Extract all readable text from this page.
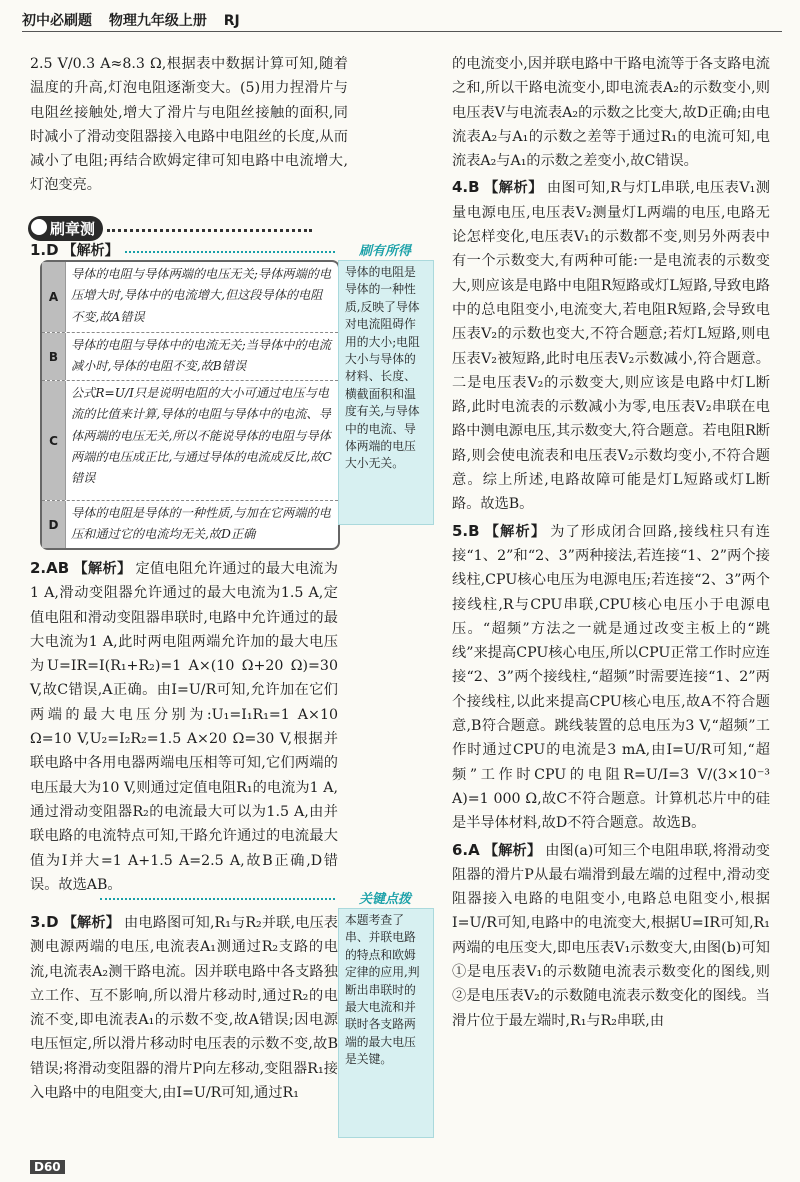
初中必刷题 物理九年级上册 RJ
2.5 V/0.3 A≈8.3 Ω,根据表中数据计算可知,随着温度的升高,灯泡电阻逐渐变大。(5)用力捏滑片与电阻丝接触处,增大了滑片与电阻丝接触的面积,同时减小了滑动变阻器接入电路中电阻丝的长度,从而减小了电阻;再结合欧姆定律可知电路中电流增大,灯泡变亮。
刷章测
1.D 【解析】
A
导体的电阻与导体两端的电压无关;导体两端的电压增大时,导体中的电流增大,但这段导体的电阻不变,故A错误
B
导体的电阻与导体中的电流无关;当导体中的电流减小时,导体的电阻不变,故B错误
C
公式R=U/I只是说明电阻的大小可通过电压与电流的比值来计算,导体的电阻与导体中的电流、导体两端的电压无关,所以不能说导体的电阻与导体两端的电压成正比,与通过导体的电流成反比,故C错误
D
导体的电阻是导体的一种性质,与加在它两端的电压和通过它的电流均无关,故D正确
2.AB 【解析】 定值电阻允许通过的最大电流为1 A,滑动变阻器允许通过的最大电流为1.5 A,定值电阻和滑动变阻器串联时,电路中允许通过的最大电流为1 A,此时两电阻两端允许加的最大电压为U=IR=I(R₁+R₂)=1 A×(10 Ω+20 Ω)=30 V,故C错误,A正确。由I=U/R可知,允许加在它们两端的最大电压分别为:U₁=I₁R₁=1 A×10 Ω=10 V,U₂=I₂R₂=1.5 A×20 Ω=30 V,根据并联电路中各用电器两端电压相等可知,它们两端的电压最大为10 V,则通过定值电阻R₁的电流为1 A,通过滑动变阻器R₂的电流最大可以为1.5 A,由并联电路的电流特点可知,干路允许通过的电流最大值为I并大=1 A+1.5 A=2.5 A,故B正确,D错误。故选AB。
3.D 【解析】 由电路图可知,R₁与R₂并联,电压表测电源两端的电压,电流表A₁测通过R₂支路的电流,电流表A₂测干路电流。因并联电路中各支路独立工作、互不影响,所以滑片移动时,通过R₂的电流不变,即电流表A₁的示数不变,故A错误;因电源电压恒定,所以滑片移动时电压表的示数不变,故B错误;将滑动变阻器的滑片P向左移动,变阻器R₁接入电路中的电阻变大,由I=U/R可知,通过R₁
刷有所得
导体的电阻是导体的一种性质,反映了导体对电流阻碍作用的大小;电阻大小与导体的材料、长度、横截面积和温度有关,与导体中的电流、导体两端的电压大小无关。
关键点拨
本题考查了串、并联电路的特点和欧姆定律的应用,判断出串联时的最大电流和并联时各支路两端的最大电压是关键。
的电流变小,因并联电路中干路电流等于各支路电流之和,所以干路电流变小,即电流表A₂的示数变小,则电压表V与电流表A₂的示数之比变大,故D正确;由电流表A₂与A₁的示数之差等于通过R₁的电流可知,电流表A₂与A₁的示数之差变小,故C错误。
4.B 【解析】 由图可知,R与灯L串联,电压表V₁测量电源电压,电压表V₂测量灯L两端的电压,电路无论怎样变化,电压表V₁的示数都不变,则另外两表中有一个示数变大,有两种可能:一是电流表的示数变大,则应该是电路中电阻R短路或灯L短路,导致电路中的总电阻变小,电流变大,若电阻R短路,会导致电压表V₂的示数也变大,不符合题意;若灯L短路,则电压表V₂被短路,此时电压表V₂示数减小,符合题意。二是电压表V₂的示数变大,则应该是电路中灯L断路,此时电流表的示数减小为零,电压表V₂串联在电路中测电源电压,其示数变大,符合题意。若电阻R断路,则会使电流表和电压表V₂示数均变小,不符合题意。综上所述,电路故障可能是灯L短路或灯L断路。故选B。
5.B 【解析】 为了形成闭合回路,接线柱只有连接“1、2”和“2、3”两种接法,若连接“1、2”两个接线柱,CPU核心电压为电源电压;若连接“2、3”两个接线柱,R与CPU串联,CPU核心电压小于电源电压。“超频”方法之一就是通过改变主板上的“跳线”来提高CPU核心电压,所以CPU正常工作时应连接“2、3”两个接线柱,“超频”时需要连接“1、2”两个接线柱,以此来提高CPU核心电压,故A不符合题意,B符合题意。跳线装置的总电压为3 V,“超频”工作时通过CPU的电流是3 mA,由I=U/R可知,“超频”工作时CPU的电阻R=U/I=3 V/(3×10⁻³ A)=1 000 Ω,故C不符合题意。计算机芯片中的硅是半导体材料,故D不符合题意。故选B。
6.A 【解析】 由图(a)可知三个电阻串联,将滑动变阻器的滑片P从最右端滑到最左端的过程中,滑动变阻器接入电路的电阻变小,电路总电阻变小,根据I=U/R可知,电路中的电流变大,根据U=IR可知,R₁两端的电压变大,即电压表V₁示数变大,由图(b)可知①是电压表V₁的示数随电流表示数变化的图线,则②是电压表V₂的示数随电流表示数变化的图线。当滑片位于最左端时,R₁与R₂串联,由
D60
